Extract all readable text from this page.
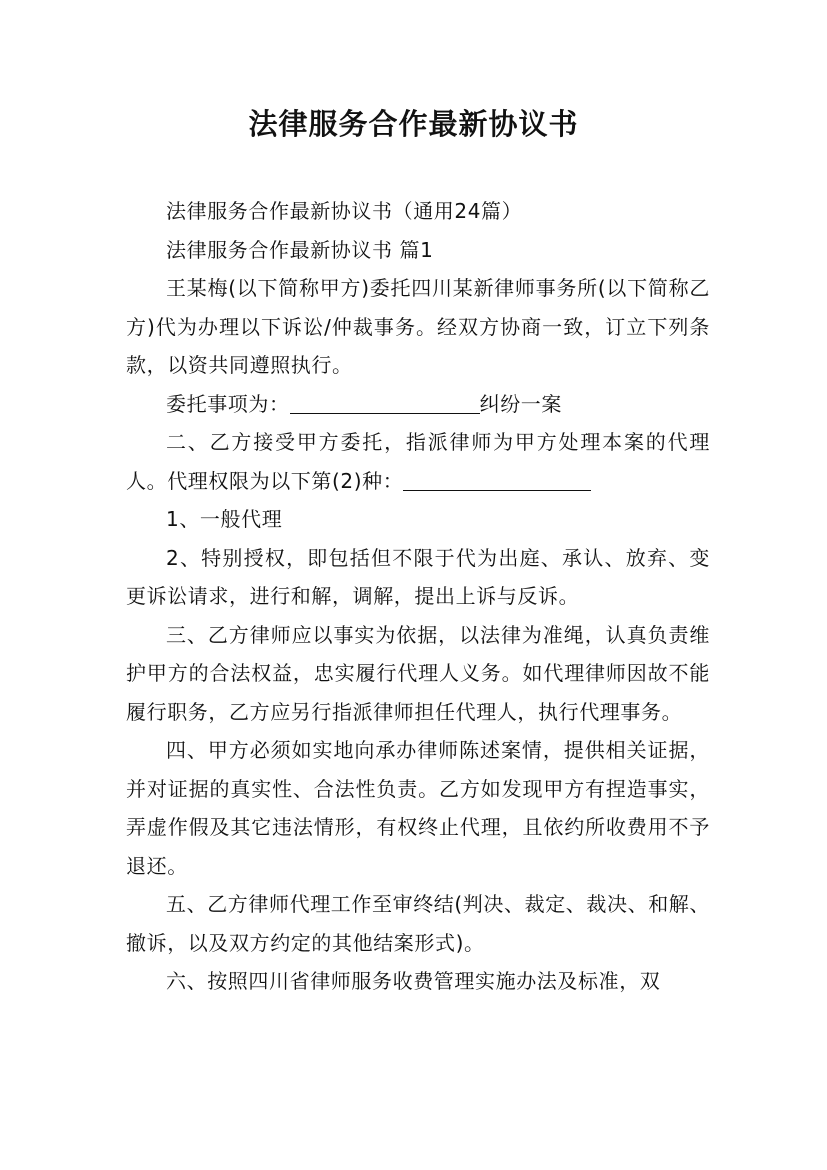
法律服务合作最新协议书

法律服务合作最新协议书（通用24篇）

法律服务合作最新协议书 篇1

王某梅(以下简称甲方)委托四川某新律师事务所(以下简称乙方)代为办理以下诉讼/仲裁事务。经双方协商一致，订立下列条款，以资共同遵照执行。

委托事项为：	纠纷一案

二、乙方接受甲方委托，指派律师为甲方处理本案的代理人。代理权限为以下第(2)种：

1、一般代理

2、特别授权，即包括但不限于代为出庭、承认、放弃、变更诉讼请求，进行和解，调解，提出上诉与反诉。

三、乙方律师应以事实为依据，以法律为准绳，认真负责维护甲方的合法权益，忠实履行代理人义务。如代理律师因故不能履行职务，乙方应另行指派律师担任代理人，执行代理事务。

四、甲方必须如实地向承办律师陈述案情，提供相关证据，并对证据的真实性、合法性负责。乙方如发现甲方有捏造事实，弄虚作假及其它违法情形，有权终止代理，且依约所收费用不予退还。

五、乙方律师代理工作至审终结(判决、裁定、裁决、和解、撤诉，以及双方约定的其他结案形式)。

六、按照四川省律师服务收费管理实施办法及标准，双
